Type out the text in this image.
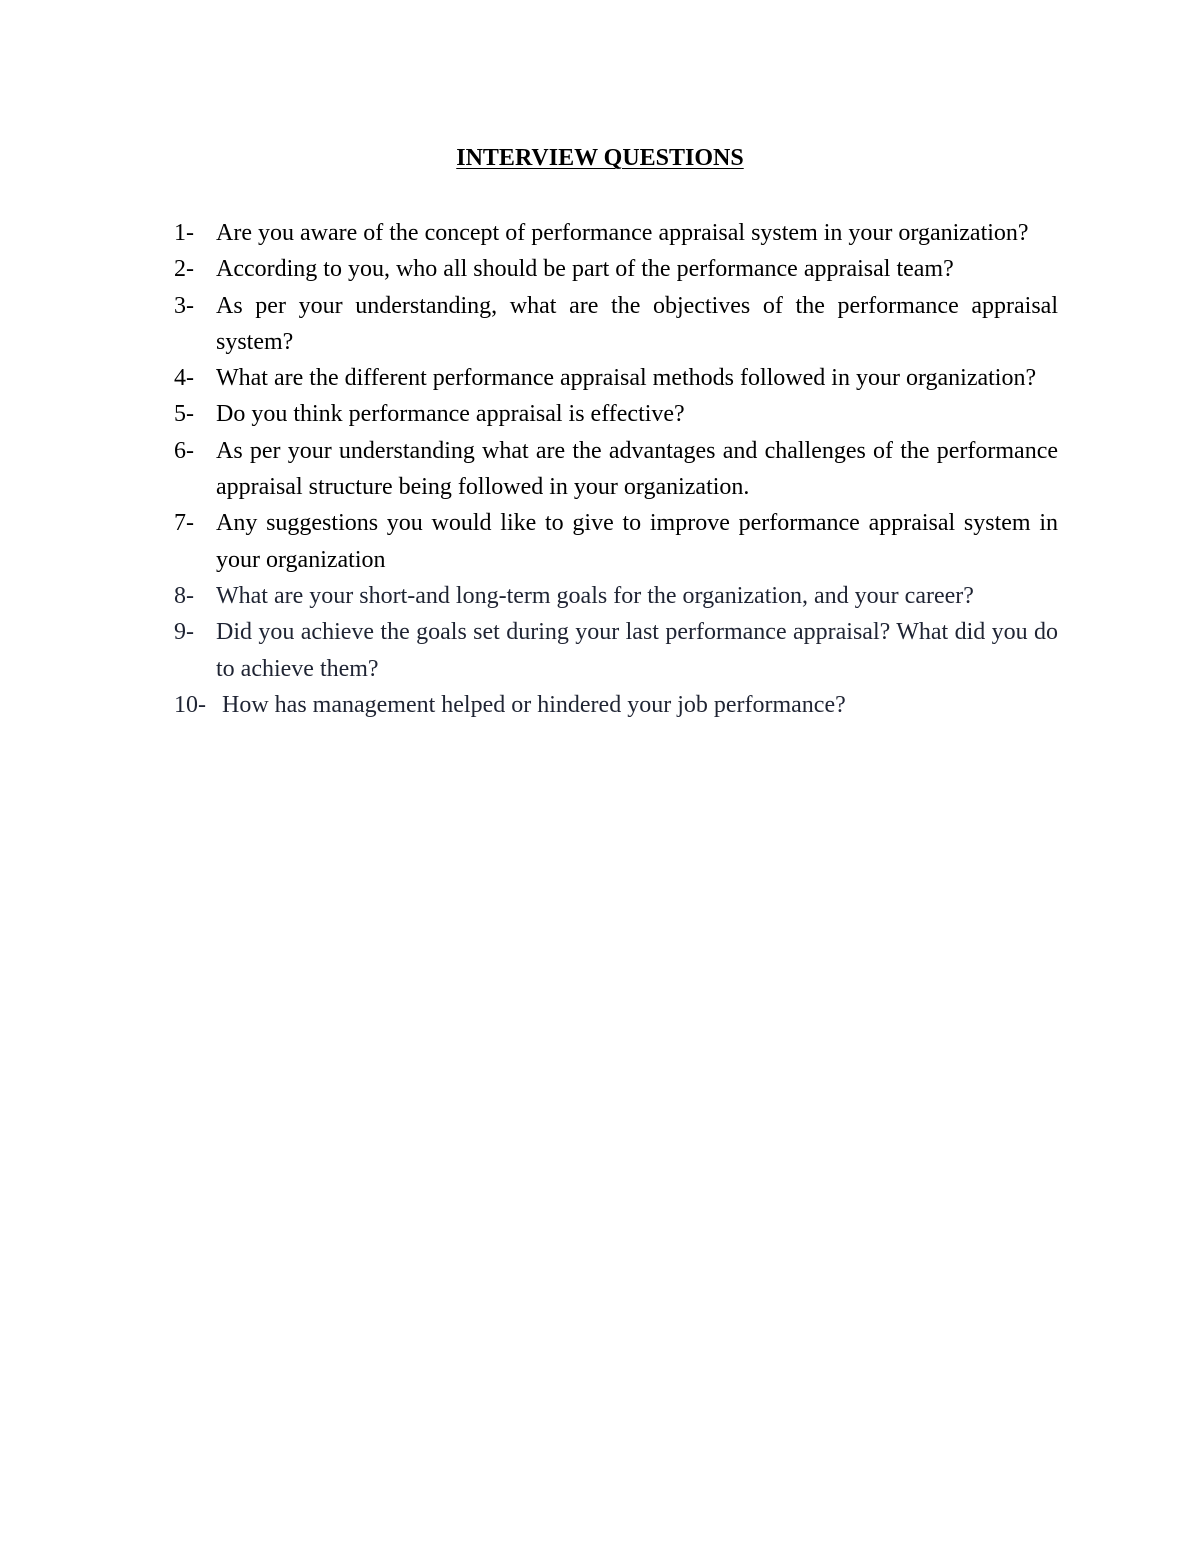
INTERVIEW QUESTIONS
1- Are you aware of the concept of performance appraisal system in your organization?
2- According to you, who all should be part of the performance appraisal team?
3- As per your understanding, what are the objectives of the performance appraisal system?
4- What are the different performance appraisal methods followed in your organization?
5- Do you think performance appraisal is effective?
6- As per your understanding what are the advantages and challenges of the performance appraisal structure being followed in your organization.
7- Any suggestions you would like to give to improve performance appraisal system in your organization
8- What are your short-and long-term goals for the organization, and your career?
9- Did you achieve the goals set during your last performance appraisal? What did you do to achieve them?
10- How has management helped or hindered your job performance?
